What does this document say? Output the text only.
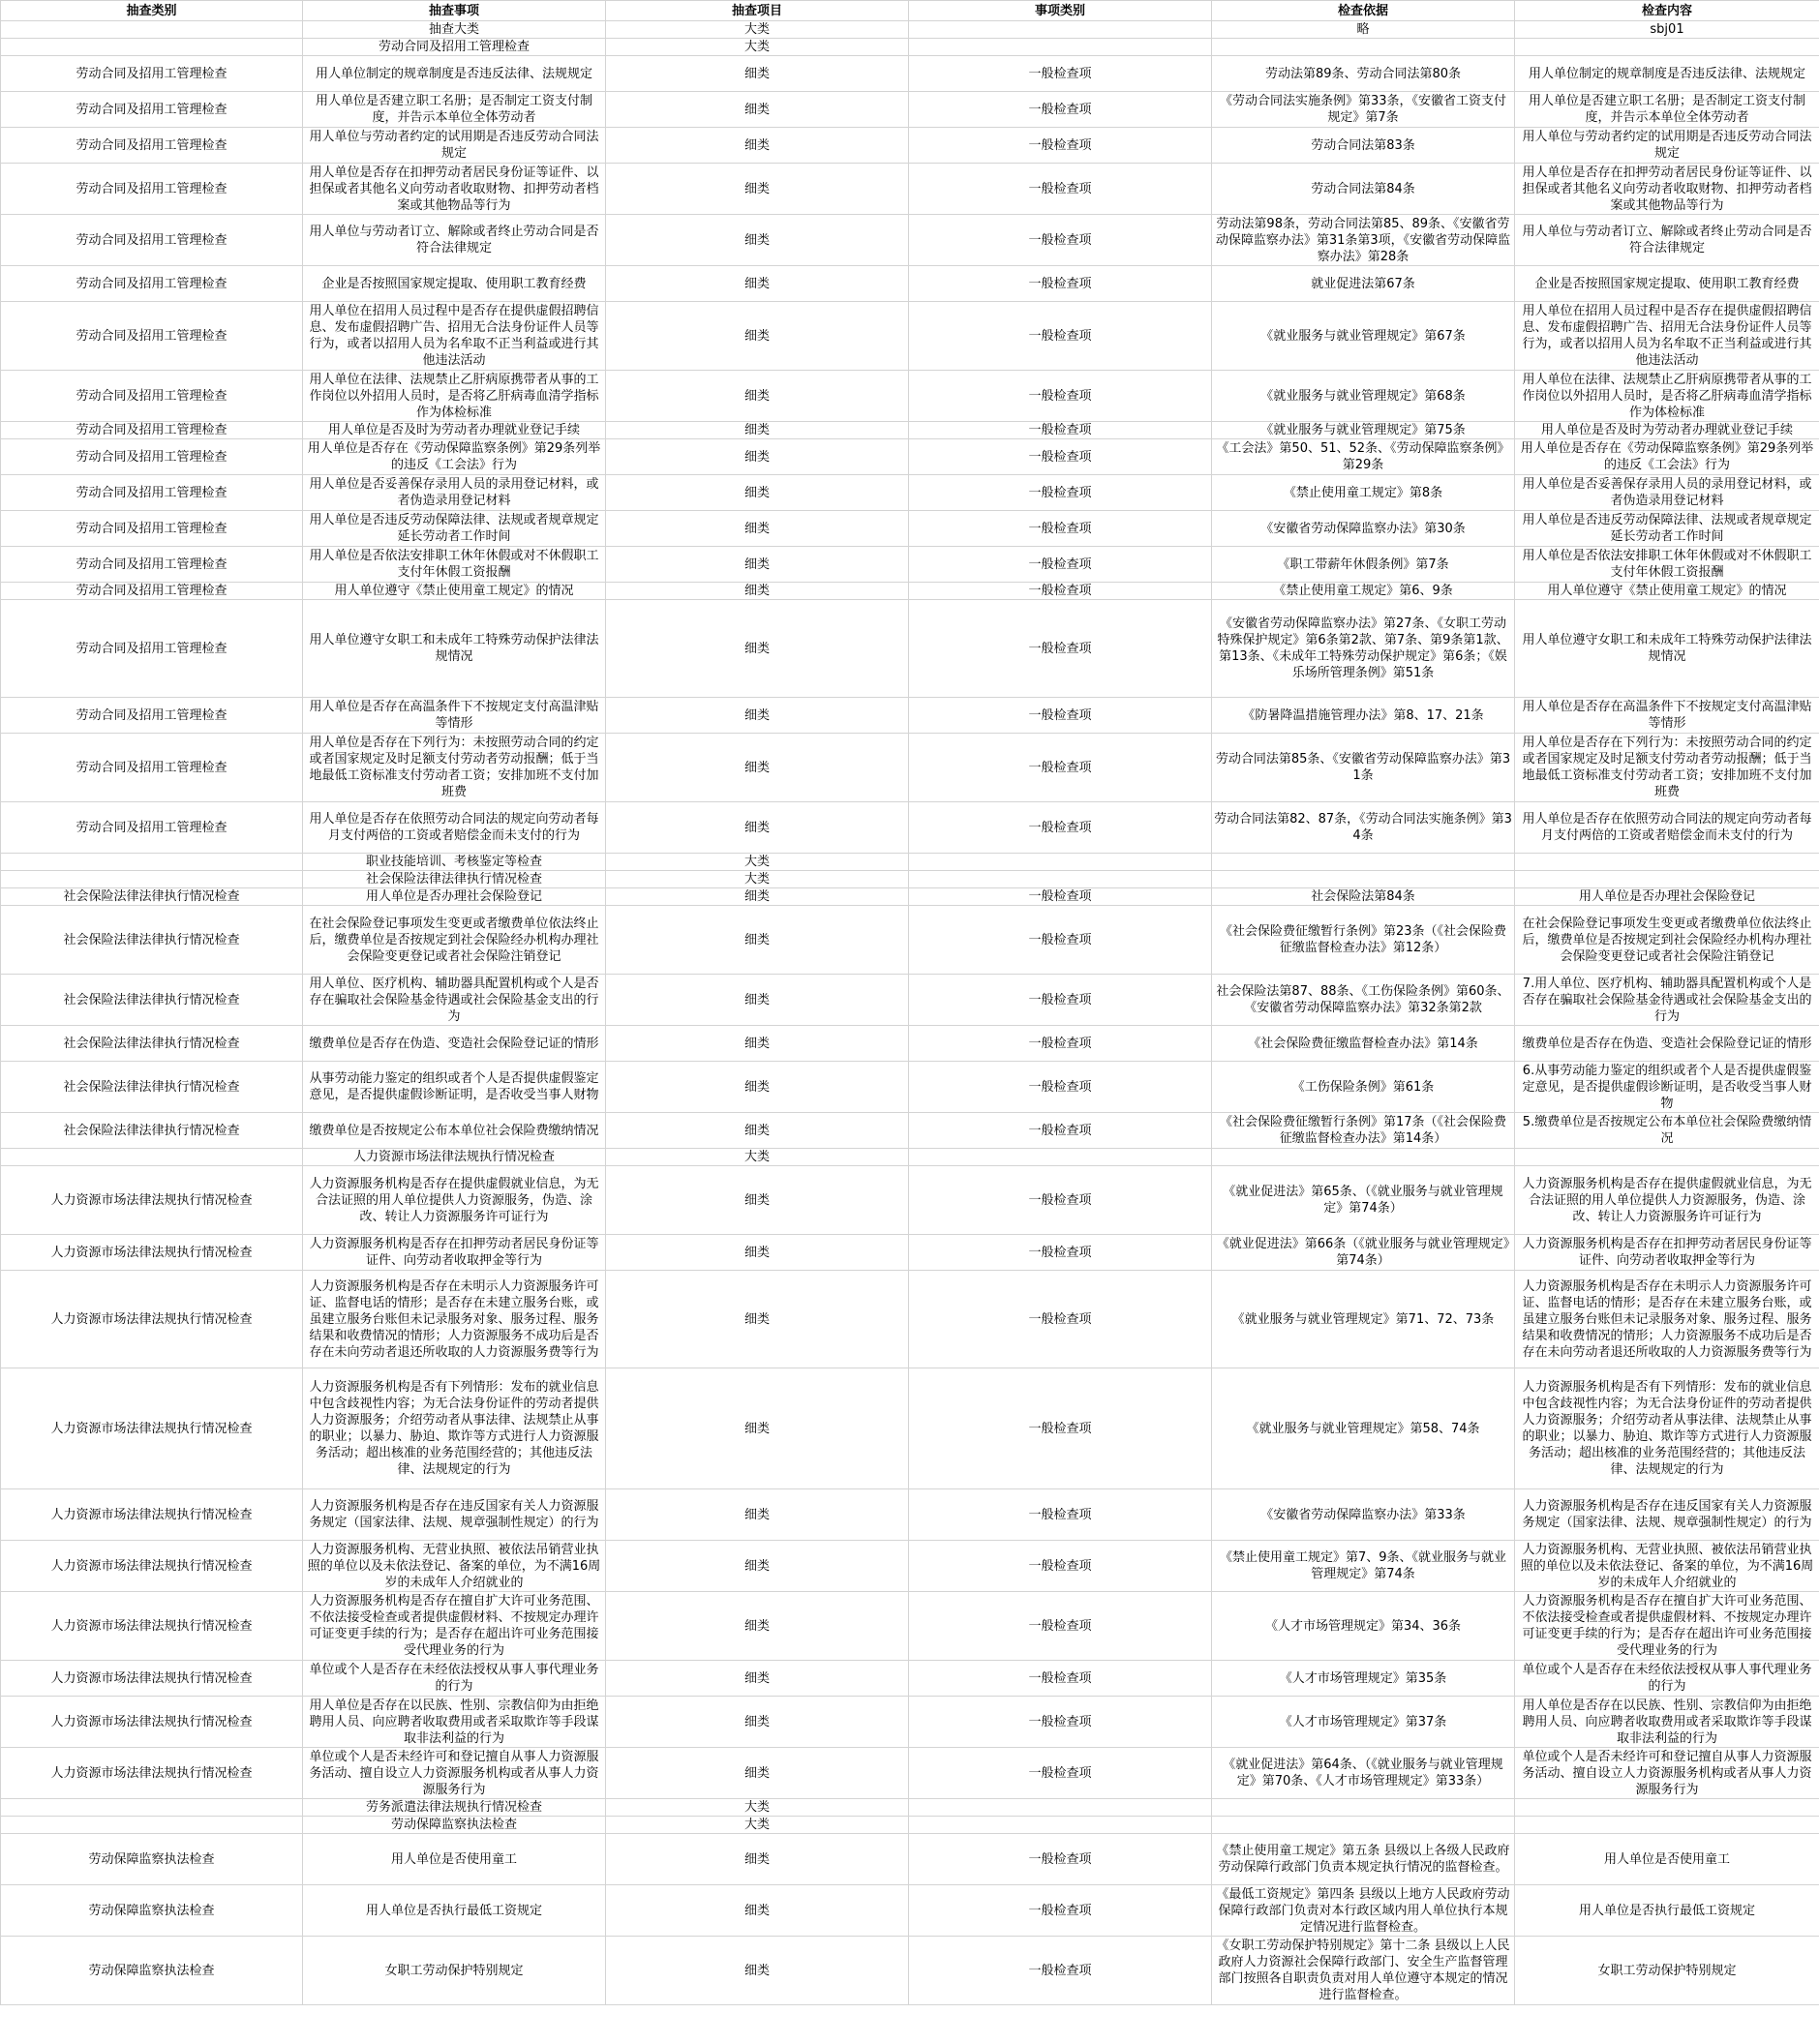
抽查类别	抽查事项	抽查项目	事项类别	检查依据	检查内容
	抽查大类	大类		略	sbj01
	劳动合同及招用工管理检查	大类			
劳动合同及招用工管理检查	用人单位制定的规章制度是否违反法律、法规规定	细类	一般检查项	劳动法第89条、劳动合同法第80条	用人单位制定的规章制度是否违反法律、法规规定
劳动合同及招用工管理检查	用人单位是否建立职工名册；是否制定工资支付制度，并告示本单位全体劳动者	细类	一般检查项	《劳动合同法实施条例》第33条，《安徽省工资支付规定》第7条	用人单位是否建立职工名册；是否制定工资支付制度，并告示本单位全体劳动者
劳动合同及招用工管理检查	用人单位与劳动者约定的试用期是否违反劳动合同法规定	细类	一般检查项	劳动合同法第83条	用人单位与劳动者约定的试用期是否违反劳动合同法规定
劳动合同及招用工管理检查	用人单位是否存在扣押劳动者居民身份证等证件、以担保或者其他名义向劳动者收取财物、扣押劳动者档案或其他物品等行为	细类	一般检查项	劳动合同法第84条	用人单位是否存在扣押劳动者居民身份证等证件、以担保或者其他名义向劳动者收取财物、扣押劳动者档案或其他物品等行为
劳动合同及招用工管理检查	用人单位与劳动者订立、解除或者终止劳动合同是否符合法律规定	细类	一般检查项	劳动法第98条，劳动合同法第85、89条、《安徽省劳动保障监察办法》第31条第3项，《安徽省劳动保障监察办法》第28条	用人单位与劳动者订立、解除或者终止劳动合同是否符合法律规定
劳动合同及招用工管理检查	企业是否按照国家规定提取、使用职工教育经费	细类	一般检查项	就业促进法第67条	企业是否按照国家规定提取、使用职工教育经费
劳动合同及招用工管理检查	用人单位在招用人员过程中是否存在提供虚假招聘信息、发布虚假招聘广告、招用无合法身份证件人员等行为，或者以招用人员为名牟取不正当利益或进行其他违法活动	细类	一般检查项	《就业服务与就业管理规定》第67条	用人单位在招用人员过程中是否存在提供虚假招聘信息、发布虚假招聘广告、招用无合法身份证件人员等行为，或者以招用人员为名牟取不正当利益或进行其他违法活动
劳动合同及招用工管理检查	用人单位在法律、法规禁止乙肝病原携带者从事的工作岗位以外招用人员时，是否将乙肝病毒血清学指标作为体检标准	细类	一般检查项	《就业服务与就业管理规定》第68条	用人单位在法律、法规禁止乙肝病原携带者从事的工作岗位以外招用人员时，是否将乙肝病毒血清学指标作为体检标准
劳动合同及招用工管理检查	用人单位是否及时为劳动者办理就业登记手续	细类	一般检查项	《就业服务与就业管理规定》第75条	用人单位是否及时为劳动者办理就业登记手续
劳动合同及招用工管理检查	用人单位是否存在《劳动保障监察条例》第29条列举的违反《工会法》行为	细类	一般检查项	《工会法》第50、51、52条、《劳动保障监察条例》第29条	用人单位是否存在《劳动保障监察条例》第29条列举的违反《工会法》行为
劳动合同及招用工管理检查	用人单位是否妥善保存录用人员的录用登记材料，或者伪造录用登记材料	细类	一般检查项	《禁止使用童工规定》第8条	用人单位是否妥善保存录用人员的录用登记材料，或者伪造录用登记材料
劳动合同及招用工管理检查	用人单位是否违反劳动保障法律、法规或者规章规定延长劳动者工作时间	细类	一般检查项	《安徽省劳动保障监察办法》第30条	用人单位是否违反劳动保障法律、法规或者规章规定延长劳动者工作时间
劳动合同及招用工管理检查	用人单位是否依法安排职工休年休假或对不休假职工支付年休假工资报酬	细类	一般检查项	《职工带薪年休假条例》第7条	用人单位是否依法安排职工休年休假或对不休假职工支付年休假工资报酬
劳动合同及招用工管理检查	用人单位遵守《禁止使用童工规定》的情况	细类	一般检查项	《禁止使用童工规定》第6、9条	用人单位遵守《禁止使用童工规定》的情况
劳动合同及招用工管理检查	用人单位遵守女职工和未成年工特殊劳动保护法律法规情况	细类	一般检查项	《安徽省劳动保障监察办法》第27条、《女职工劳动特殊保护规定》第6条第2款、第7条、第9条第1款、第13条、《未成年工特殊劳动保护规定》第6条；《娱乐场所管理条例》第51条	用人单位遵守女职工和未成年工特殊劳动保护法律法规情况
劳动合同及招用工管理检查	用人单位是否存在高温条件下不按规定支付高温津贴等情形	细类	一般检查项	《防暑降温措施管理办法》第8、17、21条	用人单位是否存在高温条件下不按规定支付高温津贴等情形
劳动合同及招用工管理检查	用人单位是否存在下列行为：未按照劳动合同的约定或者国家规定及时足额支付劳动者劳动报酬；低于当地最低工资标准支付劳动者工资；安排加班不支付加班费	细类	一般检查项	劳动合同法第85条、《安徽省劳动保障监察办法》第31条	用人单位是否存在下列行为：未按照劳动合同的约定或者国家规定及时足额支付劳动者劳动报酬；低于当地最低工资标准支付劳动者工资；安排加班不支付加班费
劳动合同及招用工管理检查	用人单位是否存在依照劳动合同法的规定向劳动者每月支付两倍的工资或者赔偿金而未支付的行为	细类	一般检查项	劳动合同法第82、87条，《劳动合同法实施条例》第34条	用人单位是否存在依照劳动合同法的规定向劳动者每月支付两倍的工资或者赔偿金而未支付的行为
	职业技能培训、考核鉴定等检查	大类			
	社会保险法律法律执行情况检查	大类			
社会保险法律法律执行情况检查	用人单位是否办理社会保险登记	细类	一般检查项	社会保险法第84条	用人单位是否办理社会保险登记
社会保险法律法律执行情况检查	在社会保险登记事项发生变更或者缴费单位依法终止后，缴费单位是否按规定到社会保险经办机构办理社会保险变更登记或者社会保险注销登记	细类	一般检查项	《社会保险费征缴暂行条例》第23条（《社会保险费征缴监督检查办法》第12条）	在社会保险登记事项发生变更或者缴费单位依法终止后，缴费单位是否按规定到社会保险经办机构办理社会保险变更登记或者社会保险注销登记
社会保险法律法律执行情况检查	用人单位、医疗机构、辅助器具配置机构或个人是否存在骗取社会保险基金待遇或社会保险基金支出的行为	细类	一般检查项	社会保险法第87、88条、《工伤保险条例》第60条、《安徽省劳动保障监察办法》第32条第2款	7.用人单位、医疗机构、辅助器具配置机构或个人是否存在骗取社会保险基金待遇或社会保险基金支出的行为
社会保险法律法律执行情况检查	缴费单位是否存在伪造、变造社会保险登记证的情形	细类	一般检查项	《社会保险费征缴监督检查办法》第14条	缴费单位是否存在伪造、变造社会保险登记证的情形
社会保险法律法律执行情况检查	从事劳动能力鉴定的组织或者个人是否提供虚假鉴定意见，是否提供虚假诊断证明，是否收受当事人财物	细类	一般检查项	《工伤保险条例》第61条	6.从事劳动能力鉴定的组织或者个人是否提供虚假鉴定意见，是否提供虚假诊断证明，是否收受当事人财物
社会保险法律法律执行情况检查	缴费单位是否按规定公布本单位社会保险费缴纳情况	细类	一般检查项	《社会保险费征缴暂行条例》第17条（《社会保险费征缴监督检查办法》第14条）	5.缴费单位是否按规定公布本单位社会保险费缴纳情况
	人力资源市场法律法规执行情况检查	大类			
人力资源市场法律法规执行情况检查	人力资源服务机构是否存在提供虚假就业信息，为无合法证照的用人单位提供人力资源服务，伪造、涂改、转让人力资源服务许可证行为	细类	一般检查项	《就业促进法》第65条、（《就业服务与就业管理规定》第74条）	人力资源服务机构是否存在提供虚假就业信息，为无合法证照的用人单位提供人力资源服务，伪造、涂改、转让人力资源服务许可证行为
人力资源市场法律法规执行情况检查	人力资源服务机构是否存在扣押劳动者居民身份证等证件、向劳动者收取押金等行为	细类	一般检查项	《就业促进法》第66条（《就业服务与就业管理规定》第74条）	人力资源服务机构是否存在扣押劳动者居民身份证等证件、向劳动者收取押金等行为
人力资源市场法律法规执行情况检查	人力资源服务机构是否存在未明示人力资源服务许可证、监督电话的情形；是否存在未建立服务台账，或虽建立服务台账但未记录服务对象、服务过程、服务结果和收费情况的情形；人力资源服务不成功后是否存在未向劳动者退还所收取的人力资源服务费等行为	细类	一般检查项	《就业服务与就业管理规定》第71、72、73条	人力资源服务机构是否存在未明示人力资源服务许可证、监督电话的情形；是否存在未建立服务台账，或虽建立服务台账但未记录服务对象、服务过程、服务结果和收费情况的情形；人力资源服务不成功后是否存在未向劳动者退还所收取的人力资源服务费等行为
人力资源市场法律法规执行情况检查	人力资源服务机构是否有下列情形：发布的就业信息中包含歧视性内容；为无合法身份证件的劳动者提供人力资源服务；介绍劳动者从事法律、法规禁止从事的职业；以暴力、胁迫、欺诈等方式进行人力资源服务活动；超出核准的业务范围经营的；其他违反法律、法规规定的行为	细类	一般检查项	《就业服务与就业管理规定》第58、74条	人力资源服务机构是否有下列情形：发布的就业信息中包含歧视性内容；为无合法身份证件的劳动者提供人力资源服务；介绍劳动者从事法律、法规禁止从事的职业；以暴力、胁迫、欺诈等方式进行人力资源服务活动；超出核准的业务范围经营的；其他违反法律、法规规定的行为
人力资源市场法律法规执行情况检查	人力资源服务机构是否存在违反国家有关人力资源服务规定（国家法律、法规、规章强制性规定）的行为	细类	一般检查项	《安徽省劳动保障监察办法》第33条	人力资源服务机构是否存在违反国家有关人力资源服务规定（国家法律、法规、规章强制性规定）的行为
人力资源市场法律法规执行情况检查	人力资源服务机构、无营业执照、被依法吊销营业执照的单位以及未依法登记、备案的单位，为不满16周岁的未成年人介绍就业的	细类	一般检查项	《禁止使用童工规定》第7、9条、《就业服务与就业管理规定》第74条	人力资源服务机构、无营业执照、被依法吊销营业执照的单位以及未依法登记、备案的单位，为不满16周岁的未成年人介绍就业的
人力资源市场法律法规执行情况检查	人力资源服务机构是否存在擅自扩大许可业务范围、不依法接受检查或者提供虚假材料、不按规定办理许可证变更手续的行为；是否存在超出许可业务范围接受代理业务的行为	细类	一般检查项	《人才市场管理规定》第34、36条	人力资源服务机构是否存在擅自扩大许可业务范围、不依法接受检查或者提供虚假材料、不按规定办理许可证变更手续的行为；是否存在超出许可业务范围接受代理业务的行为
人力资源市场法律法规执行情况检查	单位或个人是否存在未经依法授权从事人事代理业务的行为	细类	一般检查项	《人才市场管理规定》第35条	单位或个人是否存在未经依法授权从事人事代理业务的行为
人力资源市场法律法规执行情况检查	用人单位是否存在以民族、性别、宗教信仰为由拒绝聘用人员、向应聘者收取费用或者采取欺诈等手段谋取非法利益的行为	细类	一般检查项	《人才市场管理规定》第37条	用人单位是否存在以民族、性别、宗教信仰为由拒绝聘用人员、向应聘者收取费用或者采取欺诈等手段谋取非法利益的行为
人力资源市场法律法规执行情况检查	单位或个人是否未经许可和登记擅自从事人力资源服务活动、擅自设立人力资源服务机构或者从事人力资源服务行为	细类	一般检查项	《就业促进法》第64条、（《就业服务与就业管理规定》第70条、《人才市场管理规定》第33条）	单位或个人是否未经许可和登记擅自从事人力资源服务活动、擅自设立人力资源服务机构或者从事人力资源服务行为
	劳务派遣法律法规执行情况检查	大类			
	劳动保障监察执法检查	大类			
劳动保障监察执法检查	用人单位是否使用童工	细类	一般检查项	《禁止使用童工规定》第五条 县级以上各级人民政府劳动保障行政部门负责本规定执行情况的监督检查。	用人单位是否使用童工
劳动保障监察执法检查	用人单位是否执行最低工资规定	细类	一般检查项	《最低工资规定》第四条 县级以上地方人民政府劳动保障行政部门负责对本行政区域内用人单位执行本规定情况进行监督检查。	用人单位是否执行最低工资规定
劳动保障监察执法检查	女职工劳动保护特别规定	细类	一般检查项	《女职工劳动保护特别规定》第十二条 县级以上人民政府人力资源社会保障行政部门、安全生产监督管理部门按照各自职责负责对用人单位遵守本规定的情况进行监督检查。	女职工劳动保护特别规定
